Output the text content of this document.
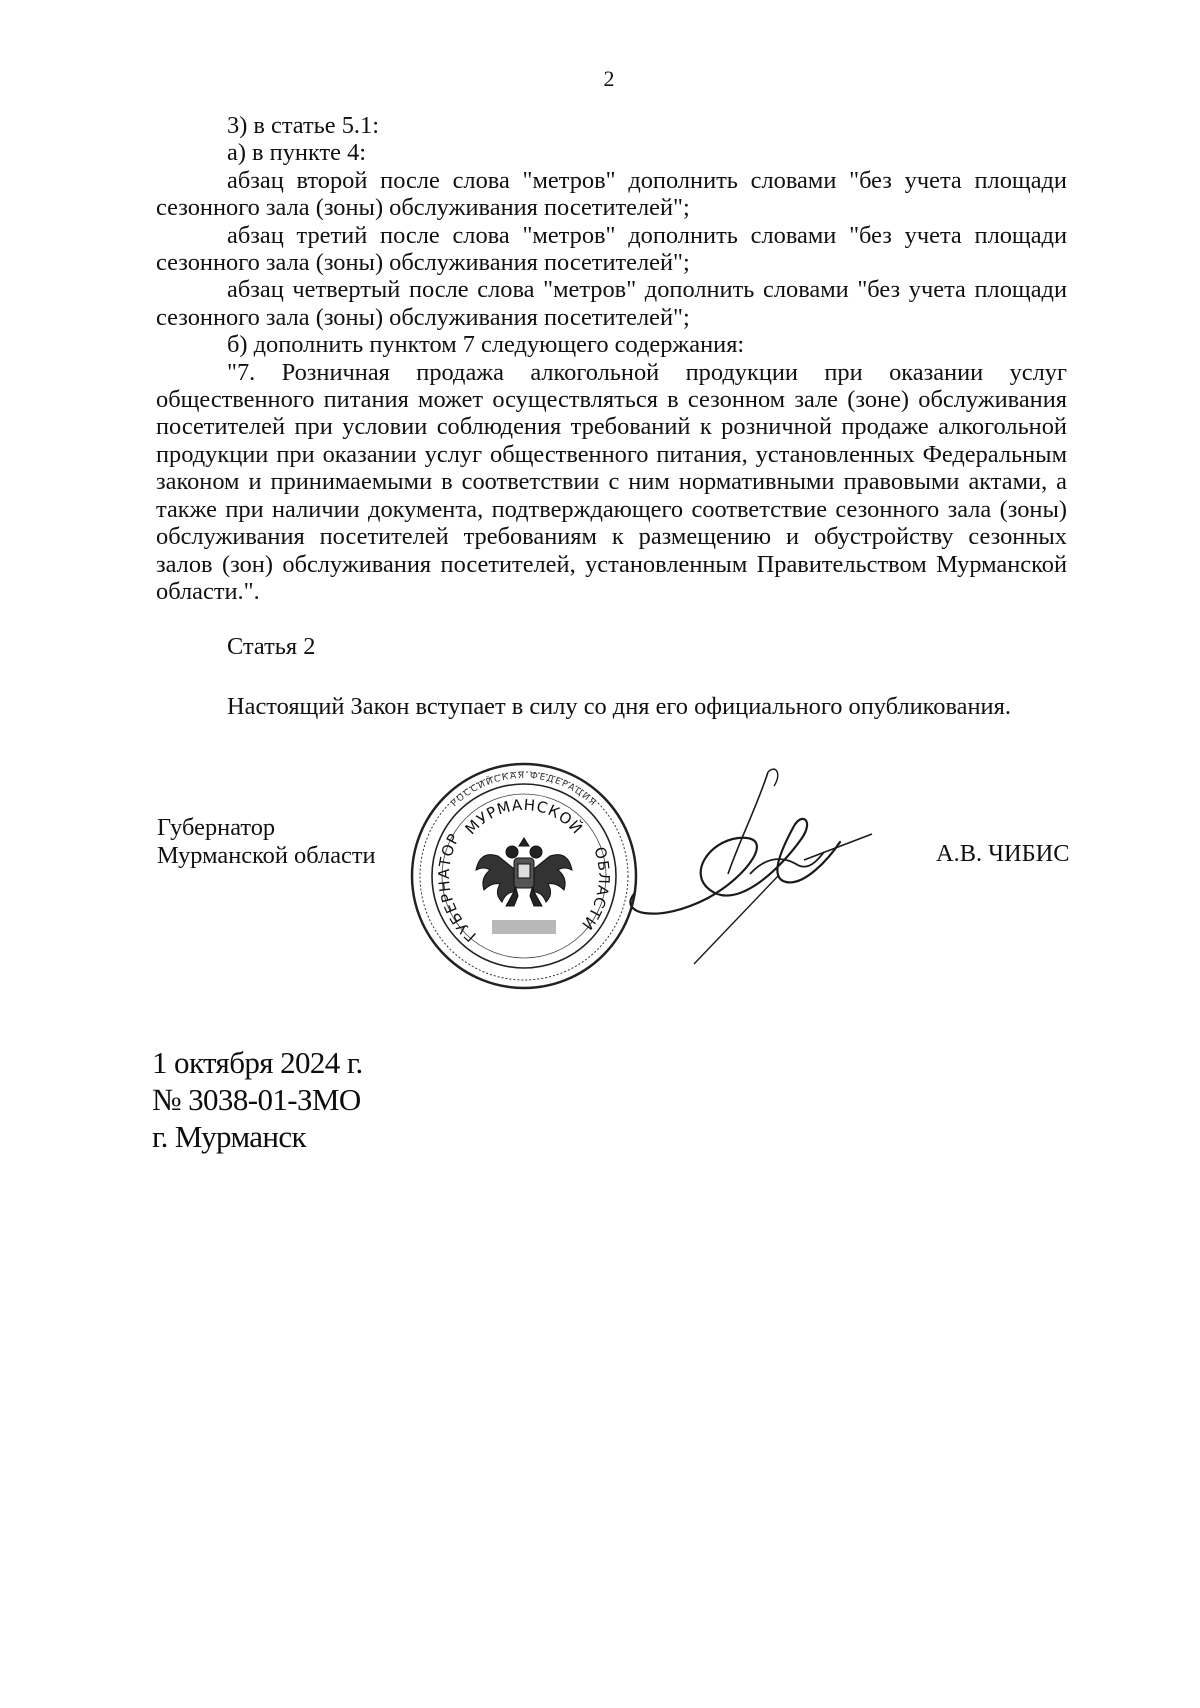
2

3) в статье 5.1:

а) в пункте 4:

абзац второй после слова "метров" дополнить словами "без учета площади сезонного зала (зоны) обслуживания посетителей";

абзац третий после слова "метров" дополнить словами "без учета площади сезонного зала (зоны) обслуживания посетителей";

абзац четвертый после слова "метров" дополнить словами "без учета площади сезонного зала (зоны) обслуживания посетителей";

б) дополнить пунктом 7 следующего содержания:

"7. Розничная продажа алкогольной продукции при оказании услуг общественного питания может осуществляться в сезонном зале (зоне) обслуживания посетителей при условии соблюдения требований к розничной продаже алкогольной продукции при оказании услуг общественного питания, установленных Федеральным законом и принимаемыми в соответствии с ним нормативными правовыми актами, а также при наличии документа, подтверждающего соответствие сезонного зала (зоны) обслуживания посетителей требованиям к размещению и обустройству сезонных залов (зон) обслуживания посетителей, установленным Правительством Мурманской области.".

Статья 2

Настоящий Закон вступает в силу со дня его официального опубликования.

Губернатор
Мурманской области
РОССИЙСКАЯ ФЕДЕРАЦИЯ
МУРМАНСКОЙ
ГУБЕРНАТОР
ОБЛАСТИ
А.В. ЧИБИС
1 октября 2024 г.
№ 3038-01-ЗМО
г. Мурманск
